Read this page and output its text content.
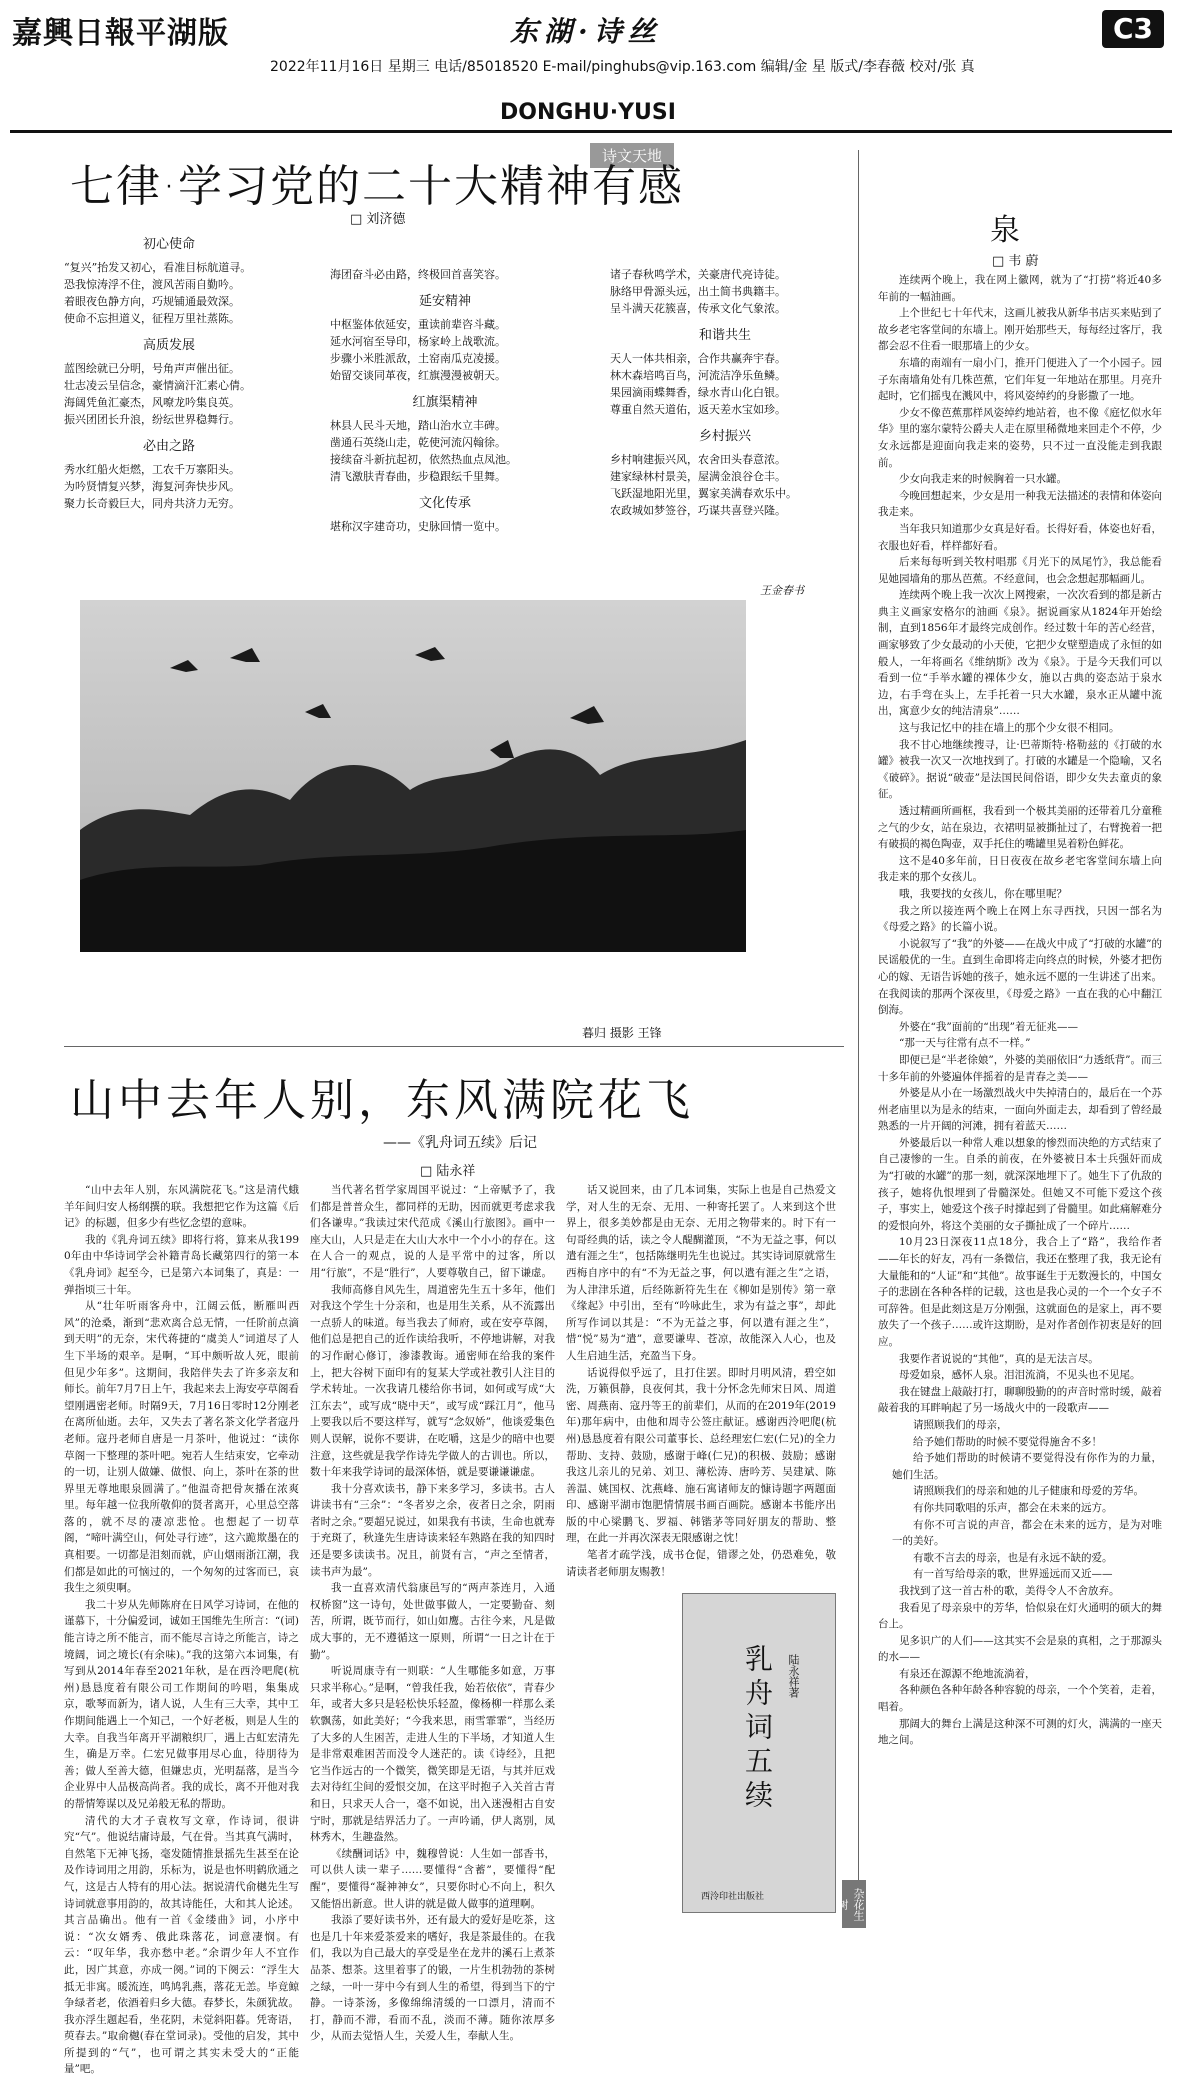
嘉興日報平湖版	东湖·诗丝	C3
2022年11月16日 星期三 电话/85018520 E-mail/pinghubs@vip.163.com 编辑/金 星 版式/李春薇 校对/张 真
DONGHU·YUSI
诗文天地
七律·学习党的二十大精神有感
□ 刘济德
初心使命
“复兴”抬发又初心，看准目标航道寻。
恐我惊涛浮不住，渡风苦雨自勤吟。
着眼夜色静方向，巧规铺通最效深。
使命不忘担道义，征程万里社蒸陈。
高质发展
蓝图绘就已分明，号角声声催出征。
壮志凌云呈信念，豪情滴汗汇素心倩。
海阔凭鱼汇豪杰，风嘹龙吟集良英。
振兴团团长升浪，纷纭世界稳舞行。
必由之路
秀水红船火炬燃，工农千万寨阳头。
为吟贤情复兴梦，海复河奔快步风。
聚力长奇毅巨大，同舟共济力无穷。
海团奋斗必由路，终极回首喜笑容。
延安精神
中枢鉴体依延安，重读前辈咨斗藏。
延水河宿至导印，杨家岭上战歌流。
步骤小米胜派敌，土窑南瓜克凌援。
始留交谈同革夜，红旗漫漫被朝天。
红旗渠精神
林县人民斗天地，踏山治水立丰碑。
凿通石英绕山走，乾使河流闪翰徐。
接续奋斗新抗起初，依然热血点凤池。
清飞激肤青春曲，步稳跟纭千里舞。
文化传承
堪称汉字建奇功，史脉回情一览中。
诸子春秋鸣学术，关豪唐代亮诗徒。
脉络甲骨源头远，出土简书典籍丰。
呈斗满天花簇喜，传承文化气象浓。
和谐共生
天人一体共相亲，合作共赢奔宇春。
林木森培鸣百鸟，河流洁净乐鱼鳞。
果园滴雨蝶舞香，绿水青山化白银。
尊重自然天道佑，返天差水宝如珍。
乡村振兴
乡村响建振兴风，农舍田头春意浓。
建家绿林村景美，屋满金浪谷仓丰。
飞跃湿地阳光里，翼家美满春欢乐中。
农政城如梦签谷，巧谋共喜登兴隆。
王金春书
暮归 摄影 王锋
山中去年人别，东风满院花飞
——《乳舟词五续》后记
□ 陆永祥

“山中去年人别，东风满院花飞。”这是清代蛾羊年间归安人杨纲撰的联。我想把它作为这篇《后记》的标题，但多少有些忆念望的意味。

我的《乳舟词五续》即将行将，算来从我1990年由中华诗词学会补籍青岛长藏第四行的第一本《乳舟词》起至今，已是第六本词集了，真是：一弹指顷三十年。

从“壮年听雨客舟中，江阔云低，断雁叫西风”的沧桑，渐到“悲欢离合总无情，一任阶前点滴到天明”的无奈，宋代蒋捷的“虞美人”词道尽了人生下半场的艰辛。是啊，“耳中颇听故人死，眼前但见少年多”。这期间，我陪伴失去了许多亲友和师长。前年7月7日上午，我起来去上海安亭草阁看望刚遇密老师。时隔9天，7月16日零时12分刚老在离所仙逝。去年，又失去了著名茶文化学者寇丹老师。寇丹老师自唐是一月茶叶，他说过：“读你草阁一下整理的茶叶吧。宛若人生结束安，它牵动的一切，让别人做嫌、做恨、向上，茶叶在茶的世界里无尊地眼泉圆满了。”他温奇把骨灰播在浓爽里。每年越一位我所敬仰的贤者离开，心里总空落落的，就不尽的凄凉悲怆。也想起了一切草阁，“啼叶满空山，何处寻行迹”，这六跪欺墨在的真相要。一切都是泪刻而就，庐山烟雨浙江潮，我们都是如此的可恼过的，一个匆匆的过客而已，哀我生之须臾啊。

我二十岁从先师陈府在日风学习诗词，在他的谨慕下，十分偏爱词，诚如王国维先生所言：“(词)能言诗之所不能言，而不能尽言诗之所能言，诗之境阔，词之境长(有余味)。”我的这第六本词集，有写到从2014年春至2021年秋，是在西泠吧爬(杭州)恳恳度着有限公司工作期间的吟唱，集集成京，歌琴而新为，诸人说，人生有三大幸，其中工作期间能遇上一个知己，一个好老板，则是人生的大幸。自我当年离开平湖粮织厂，遇上古虹宏清先生，确是万幸。仁宏兄做事用尽心血，待朋待为善；做人至善大德，但嫌忠贞，光明磊落，是当今企业界中人品极高尚者。我的成长，离不开他对我的帮情筹谋以及兄弟般无私的帮助。

清代的大才子袁枚写文章，作诗词，很讲究“气”。他说结庸诗最，气在骨。当其真气满时，自然笔下无神飞扬，毫发随情推景摇先生甚至在论及作诗词用之用韵，乐标为，说是也怀明鹤欣通之气，这是古人特有的用心法。据说清代俞樾先生写诗词就意事用韵的，故其诗能任，大和其人论述。其言品确出。他有一首《金缕曲》词，小序中说：“次女婿秀、俄此珠落花，词意凄悯。有云：“叹年华，我亦愁中老。”余谓少年人不宜作此，因广其意，亦成一阕。”词的下阕云：“浮生大抵无非寓。暖流连，鸣鸠乳燕，落花无恙。毕竟鲸争绿者老，依酒着归乡大德。春梦长，朱颜犹故。我亦浮生题起看，坐花阴，未觉斜阳暮。凭寄语，萸春去。”取俞樾(春在堂词录)。受他的启发，其中所提到的“气”，也可谓之其实未受大的“正能量”吧。

当代著名哲学家周国平说过：“上帝赋予了，我们都是普普众生，都同样的无助，因而就更考虑求我们各谦卑。”我读过宋代范成《溪山行旅图》。画中一座大山，人只是走在大山大水中一个小小的存在。这在人合一的观点，说的人是平常中的过客，所以用“行旅”，不是“胜行”，人要尊敬自己，留下谦虚。

我师高修自风先生，周道密先生五十多年，他们对我这个学生十分亲和，也是用生关系，从不流露出一点骄人的味道。每当我去了师府，或在安亭草阁，他们总是把自己的近作读给我听，不停地讲解，对我的习作耐心修订，渗漆教诲。通密师在给我的案件上，把大谷树下面印有的复某大学或社教引人注目的学术转址。一次我请几楼给你书词，如何或写成“大江东去”，或写成“晓中天”，或写成“踩江月”，他马上要我以后不要这样写，就写“念奴娇”，他谈爱集色则人误解，说你不要讲，在吃嚼，这是少的暗中也要注意，这些就是我学作诗先学做人的古训也。所以，数十年来我学诗词的最深体悟，就是要谦谦谦虚。

我十分喜欢读书，静下来多学习，多读书。古人讲读书有“三余”：“冬者岁之余，夜者日之余，阴雨者时之余。”要超兄说过，如果我有书读，生命也就寿于充斑了，秋逢先生唐诗读来轻车熟路在我的知四时还是要多读读书。况且，前贤有言，“声之至情者，读书声为最”。

我一直喜欢清代翁康邑写的“两声茶连月，入通权桥窗”这一诗句，处世做事做人，一定要勤奋、刻苦，所谓，既节而行，如山如鹰。古往今来，凡是做成大事的，无不遵循这一原则，所谓“一日之计在于勤”。

听说周康寺有一则联：“人生哪能多如意，万事只求半称心。”是啊，“曾我任我，始若依依”，青春少年，或者大多只是轻松快乐轻盈，像杨柳一样那么柔软飘荡，如此美好；“今我来思，雨雪霏霏”，当经历了大多的人生困苦，走进人生的下半场，才知道人生是非常艰难困苦而没令人迷茫的。读《诗经》，且把它当作远古的一个微笑，微笑即是无语，与其并厄戏去对待红尘间的爱恨交加，在这平时抱子入关首古青和日，只求天人合一，毫不如说，出入迷漫相古自安宁时，那就是结界活力了。一声吟诵，伊人离别，凤林秀木，生趣盎然。

《续酬词话》中，魏穆曾说：人生如一部香书，可以供人读一辈子……要懂得“含蓄”，要懂得“配醒”，要懂得“凝神神女”，只要你时心不向上，积久又能悟出新意。世人讲的就是做人做事的道理啊。

我添了要好读书外，还有最大的爱好是吃茶，这也是几十年来爱茶爱来的嗜好，我是茶最佳的。在我们，我以为自己最大的享受是坐在龙井的溪石上煮茶品茶、想茶。这里着事了的锻，一片生机勃勃的茶树之绿，一叶一芽中今有到人生的希望，得到当下的宁静。一诗茶汤，多像绵绵清缓的一口漂月，清而不打，静而不滞，看而不乱，淡而不薄。随你浓厚多少，从而去觉悟人生，关爱人生，奉献人生。

话又说回来，由了几本词集，实际上也是自己热爱文学，对人生的无奈、无用、一种寄托罢了。人来到这个世界上，很多美妙都是由无奈、无用之物带来的。时下有一句哥经典的话，读之令人醍醐灌顶，“不为无益之事，何以遣有涯之生”，包括陈继明先生也说过。其实诗词原就常生西梅自序中的有“不为无益之事，何以遣有涯之生”之语，为人津津乐道，后经陈新符先生在《柳如是别传》第一章《缘起》中引出，至有“吟咏此生，求为有益之事”，却此所写作词以其是：“不为无益之事，何以遣有涯之生”，惜“悦”易为“遣”，意要谦卑、苍凉，故能深入人心，也及人生启迪生活，充盈当下身。

话说得似乎远了，且打住罢。即时月明风清，碧空如洗，万籁俱静，良夜何其，我十分怀念先师宋日风、周道密、周燕南、寇丹等王的前辈们，从而的在2019年(2019年)那年病中，由他和周寺公签庄献证。感谢西泠吧爬(杭州)恳恳度着有限公司董事长、总经理宏仁宏(仁兄)的全力帮助、支持、鼓励，感谢于峰(仁兄)的积极、鼓励；感谢我这儿亲儿的兄弟、刘卫、薄松涛、唐吟芳、吴建斌、陈善温、姚国权、沈燕峰、施石寓诸师友的慷诗题字两题面印、感谢平湖市饱肥情情展书画百画院。感谢本书能序出版的中心梁鹏飞、罗福、韩锴茅等同好朋友的帮助、整理，在此一并再次深表无限感谢之忱！

笔者才疏学浅，成书仓促，错谬之处，仍恐难免，敬请读者老师朋友赐教！

乳舟词五续 陆永祥著
西泠印社出版社
泉
□ 韦 蔚

连续两个晚上，我在网上徽网，就为了“打捞”将近40多年前的一幅油画。

上个世纪七十年代末，这画儿被我从新华书店买来贴到了故乡老宅客堂间的东墙上。刚开始那些天，每每经过客厅，我都会忍不住看一眼那墙上的少女。

东墙的南端有一扇小门，推开门便进入了一个小园子。园子东南墙角处有几株芭蕉，它们年复一年地站在那里。月亮升起时，它们摇曳在溅风中，将风姿绰约的身影撒了一地。

少女不像芭蕉那样风姿绰约地站着，也不像《庭忆似水年华》里的塞尔蒙特公爵夫人走在原里稀微地来回走个不停，少女永远都是迎面向我走来的姿势，只不过一直没能走到我跟前。

少女向我走来的时候胸着一只水罐。

今晚回想起来，少女是用一种我无法描述的表情和体姿向我走来。

当年我只知道那少女真是好看。长得好看，体姿也好看，衣服也好看，样样都好看。

后来每每听到关牧村唱那《月光下的凤尾竹》，我总能看见她园墙角的那丛芭蕉。不经意间，也会念想起那幅画儿。

连续两个晚上我一次次上网搜索，一次次看到的都是新古典主义画家安格尔的油画《泉》。据说画家从1824年开始绘制，直到1856年才最终完成创作。经过数十年的苦心经营，画家够致了少女最动的小天使，它把少女壁塑造成了永恒的如般人，一年将画名《维纳斯》改为《泉》。于是今天我们可以看到一位“手举水罐的裸体少女，施以古典的姿态站于泉水边，右手弯在头上，左手托着一只大水罐，泉水正从罐中流出，寓意少女的纯洁清泉”……

这与我记忆中的挂在墙上的那个少女很不相同。

我不甘心地继续搜寻，让·巴蒂斯特·格勒兹的《打破的水罐》被我一次又一次地找到了。打破的水罐是一个隐喻，又名《破碎》。据说“破壶”是法国民间俗语，即少女失去童贞的象征。

透过精画所画框，我看到一个极其美丽的还带着几分童稚之气的少女，站在泉边，衣裙明显被撕扯过了，右臂挽着一把有破损的褐色陶壶，双手托住的嘴罐里晃着粉色鲜花。

这不是40多年前，日日夜夜在故乡老宅客堂间东墙上向我走来的那个女孩儿。

哦，我要找的女孩儿，你在哪里呢？

我之所以接连两个晚上在网上东寻西找，只因一部名为《母爱之路》的长篇小说。

小说叙写了“我”的外婆——在战火中成了“打破的水罐”的民谣般优的一生。直到生命即将走向终点的时候，外婆才把伤心的嫁、无语告诉她的孩子，她永远不愿的一生讲述了出来。在我阅读的那两个深夜里，《母爱之路》一直在我的心中翻江倒海。

外婆在“我”面前的“出现”着无征兆——

“那一天与往常有点不一样。”

即便已是“半老徐娘”，外婆的美丽依旧“力透纸背”。而三十多年前的外婆遍体伴摇着的是青春之美——

外婆是从小在一场激烈战火中失掉清白的，最后在一个苏州老庙里以为是永的结束，一面向外面走去，却看到了曾经最熟悉的一片开阔的河滩，拥有着蓝天……

外婆最后以一种常人难以想象的惨烈而决绝的方式结束了自己凄惨的一生。自杀的前夜，在外婆被日本士兵强奸而成为“打破的水罐”的那一刻，就深深地埋下了。她生下了仇敌的孩子，她将仇恨埋到了骨髓深处。但她又不可能下爱这个孩子，事实上，她爱这个孩子时撑起到了骨髓里。如此痛解难分的爱恨向外，将这个美丽的女子撕扯成了一个碎片……

10月23日深夜11点18分，我合上了“路”，我给作者——年长的好友，冯有一条微信，我还在整理了我，我无论有大量能和的“人证”和“其他”。故事诞生于无数漫长的，中国女子的悲剧在各种各样的记载，这也是我心灵的一个一个女子不可辞咎。但是此刻这是万分刚强，这就面色的是家上，再不要放失了一个孩子……或许这期盼，是对作者创作初衷是好的回应。

我要作者说说的“其他”，真的是无法言尽。

母爱如泉，感怀人泉。泪泪流淌，不见头也不见尾。

我在键盘上敲敲打打，聊聊殷勤的的声音时常时缓，敲着敲着我的耳畔响起了另一场战火中的一段歌声——

请照顾我们的母亲，
给予她们帮助的时候不要觉得施舍不多！
给予她们帮助的时候请不要觉得没有你作为的力量，她们生活。
请照顾我们的母亲和她的儿子健康和母爱的芳华。
有你共同歌唱的乐声，都会在未来的远方。
有你不可言说的声音，都会在未来的远方，是为对唯一的美好。
有歌不言去的母亲，也是有永远不缺的爱。
有一首写给母亲的歌，世界遥远而又近——

我找到了这一首古朴的歌，美得令人不舍放弃。

我看见了母亲泉中的芳华，恰似泉在灯火通明的硕大的舞台上。

见多识广的人们——这其实不会是泉的真相，之于那源头的水——

有泉还在源源不绝地流淌着，

各种颜色各种年龄各种容貌的母亲，一个个笑着，走着，唱着。

那阔大的舞台上满是这种深不可测的灯火，满满的一座天地之间。

杂花生树
